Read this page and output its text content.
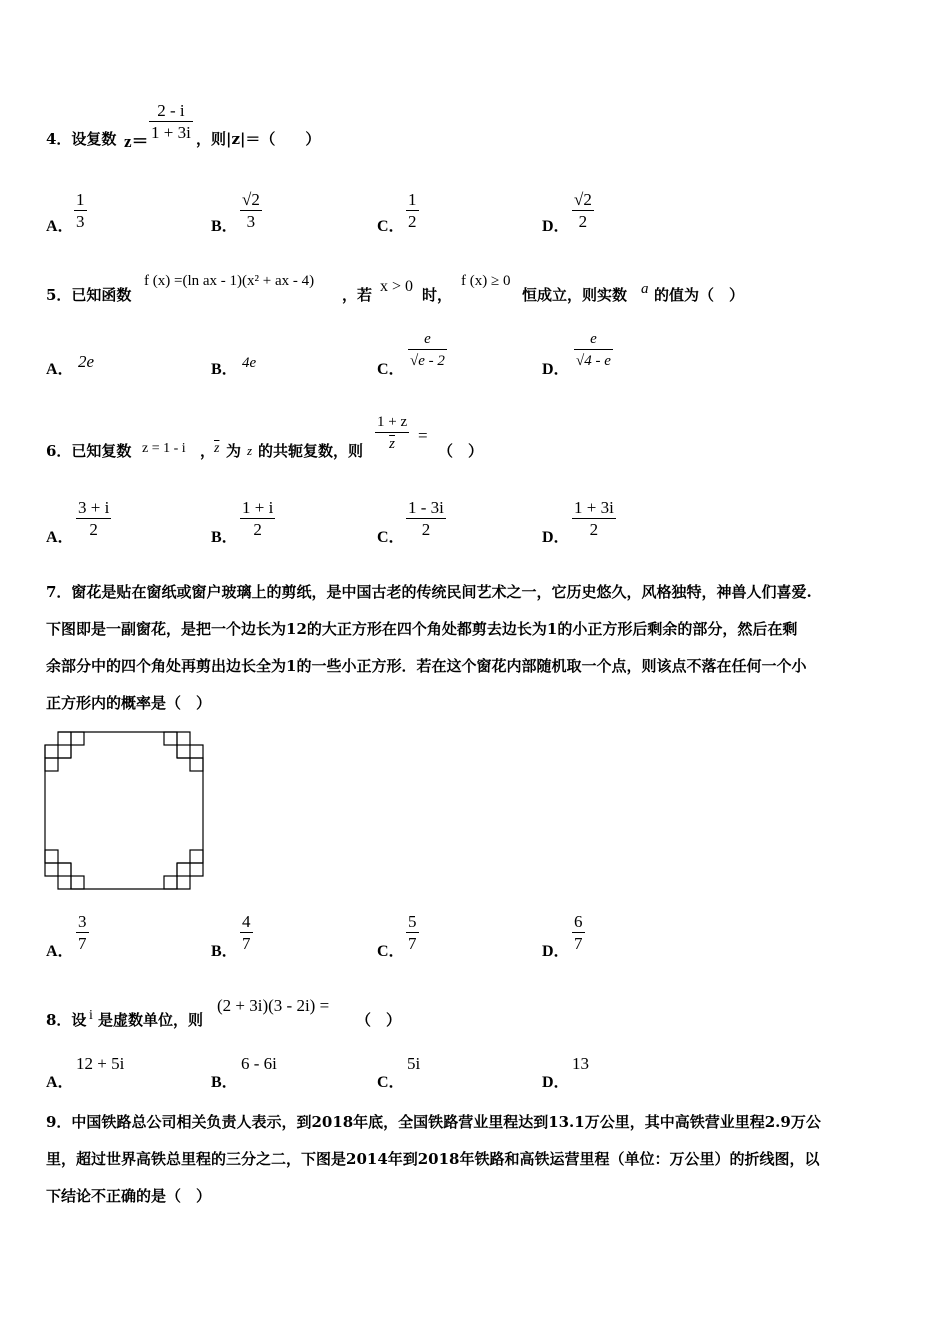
4．设复数 $z= \frac{2 - i}{1 + 3i}$ ，则|z|＝（　　）
A． $\frac{1}{3}$	B． $\frac{√2}{3}$	C． $\frac{1}{2}$	D． $\frac{√2}{2}$
5．已知函数
f (x) =(ln ax - 1)(x² + ax - 4)
，若 x > 0 时，
f (x) ≥ 0
恒成立，则实数 a 的值为（　）
A． 2e	B． 4e	C． $\frac{e}{√e - 2}$	D． $\frac{e}{√4 - e}$
6．已知复数 z = 1 - i ，
$\overline{z}$ 为 z 的共轭复数，则 $\frac{1 + z}{z}$ =
（　）
A． $\frac{3 + i}{2}$	B． $\frac{1 + i}{2}$	C． $\frac{1 - 3i}{2}$	D． $\frac{1 + 3i}{2}$
7．窗花是贴在窗纸或窗户玻璃上的剪纸，是中国古老的传统民间艺术之一，它历史悠久，风格独特，神兽人们喜爱.
下图即是一副窗花，是把一个边长为12的大正方形在四个角处都剪去边长为1的小正方形后剩余的部分，然后在剩
余部分中的四个角处再剪出边长全为1的一些小正方形．若在这个窗花内部随机取一个点，则该点不落在任何一个小
正方形内的概率是（　）
A． $\frac{3}{7}$	B． $\frac{4}{7}$	C． $\frac{5}{7}$	D． $\frac{6}{7}$
8．设 i 是虚数单位，则
(2 + 3i)(3 - 2i) =
（　）
A．
12 + 5i
B．
6 - 6i
C．
5i
D．
13
9．中国铁路总公司相关负责人表示，到2018年底，全国铁路营业里程达到13.1万公里，其中高铁营业里程2.9万公
里，超过世界高铁总里程的三分之二，下图是2014年到2018年铁路和高铁运营里程（单位：万公里）的折线图，以
下结论不正确的是（　）
